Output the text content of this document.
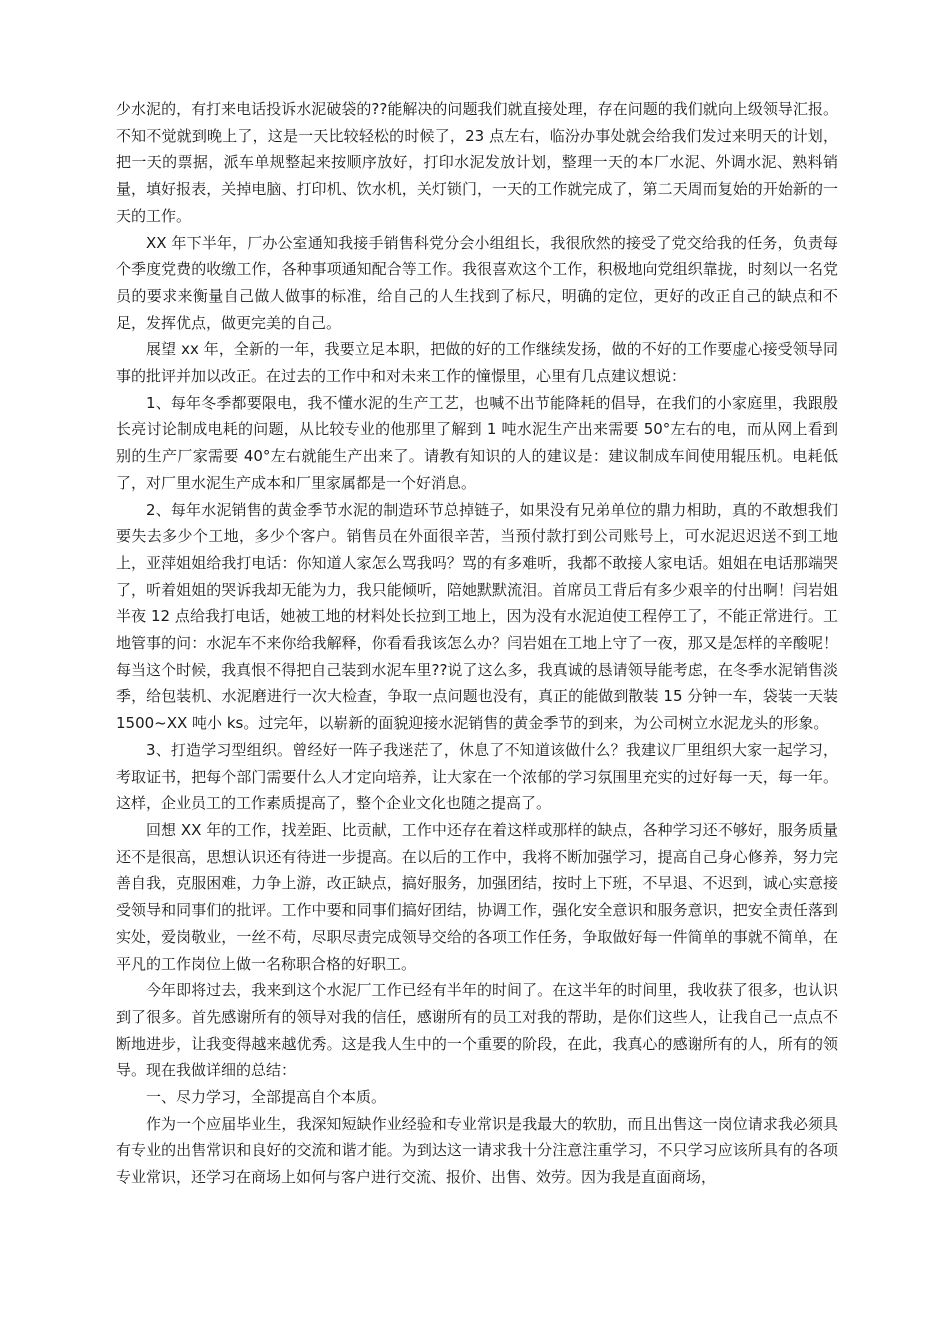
少水泥的，有打来电话投诉水泥破袋的??能解决的问题我们就直接处理，存在问题的我们就向上级领导汇报。不知不觉就到晚上了，这是一天比较轻松的时候了，23 点左右，临汾办事处就会给我们发过来明天的计划，把一天的票据，派车单规整起来按顺序放好，打印水泥发放计划，整理一天的本厂水泥、外调水泥、熟料销量，填好报表，关掉电脑、打印机、饮水机，关灯锁门，一天的工作就完成了，第二天周而复始的开始新的一天的工作。

XX 年下半年，厂办公室通知我接手销售科党分会小组组长，我很欣然的接受了党交给我的任务，负责每个季度党费的收缴工作，各种事项通知配合等工作。我很喜欢这个工作，积极地向党组织靠拢，时刻以一名党员的要求来衡量自己做人做事的标准，给自己的人生找到了标尺，明确的定位，更好的改正自己的缺点和不足，发挥优点，做更完美的自己。

展望 xx 年，全新的一年，我要立足本职，把做的好的工作继续发扬，做的不好的工作要虚心接受领导同事的批评并加以改正。在过去的工作中和对未来工作的憧憬里，心里有几点建议想说：

1、每年冬季都要限电，我不懂水泥的生产工艺，也喊不出节能降耗的倡导，在我们的小家庭里，我跟殷长亮讨论制成电耗的问题，从比较专业的他那里了解到 1 吨水泥生产出来需要 50°左右的电，而从网上看到别的生产厂家需要 40°左右就能生产出来了。请教有知识的人的建议是：建议制成车间使用辊压机。电耗低了，对厂里水泥生产成本和厂里家属都是一个好消息。

2、每年水泥销售的黄金季节水泥的制造环节总掉链子，如果没有兄弟单位的鼎力相助，真的不敢想我们要失去多少个工地，多少个客户。销售员在外面很辛苦，当预付款打到公司账号上，可水泥迟迟送不到工地上，亚萍姐姐给我打电话：你知道人家怎么骂我吗？骂的有多难听，我都不敢接人家电话。姐姐在电话那端哭了，听着姐姐的哭诉我却无能为力，我只能倾听，陪她默默流泪。首席员工背后有多少艰辛的付出啊！闫岩姐半夜 12 点给我打电话，她被工地的材料处长拉到工地上，因为没有水泥迫使工程停工了，不能正常进行。工地管事的问：水泥车不来你给我解释，你看看我该怎么办？闫岩姐在工地上守了一夜，那又是怎样的辛酸呢！每当这个时候，我真恨不得把自己装到水泥车里??说了这么多，我真诚的恳请领导能考虑，在冬季水泥销售淡季，给包装机、水泥磨进行一次大检查，争取一点问题也没有，真正的能做到散装 15 分钟一车，袋装一天装 1500~XX 吨小 ks。过完年，以崭新的面貌迎接水泥销售的黄金季节的到来，为公司树立水泥龙头的形象。

3、打造学习型组织。曾经好一阵子我迷茫了，休息了不知道该做什么？我建议厂里组织大家一起学习，考取证书，把每个部门需要什么人才定向培养，让大家在一个浓郁的学习氛围里充实的过好每一天，每一年。这样，企业员工的工作素质提高了，整个企业文化也随之提高了。

回想 XX 年的工作，找差距、比贡献，工作中还存在着这样或那样的缺点，各种学习还不够好，服务质量还不是很高，思想认识还有待进一步提高。在以后的工作中，我将不断加强学习，提高自己身心修养，努力完善自我，克服困难，力争上游，改正缺点，搞好服务，加强团结，按时上下班，不早退、不迟到，诚心实意接受领导和同事们的批评。工作中要和同事们搞好团结，协调工作，强化安全意识和服务意识，把安全责任落到实处，爱岗敬业，一丝不苟，尽职尽责完成领导交给的各项工作任务，争取做好每一件简单的事就不简单，在平凡的工作岗位上做一名称职合格的好职工。

今年即将过去，我来到这个水泥厂工作已经有半年的时间了。在这半年的时间里，我收获了很多，也认识到了很多。首先感谢所有的领导对我的信任，感谢所有的员工对我的帮助，是你们这些人，让我自己一点点不断地进步，让我变得越来越优秀。这是我人生中的一个重要的阶段，在此，我真心的感谢所有的人，所有的领导。现在我做详细的总结：

一、尽力学习，全部提高自个本质。

作为一个应届毕业生，我深知短缺作业经验和专业常识是我最大的软肋，而且出售这一岗位请求我必须具有专业的出售常识和良好的交流和谐才能。为到达这一请求我十分注意注重学习，不只学习应该所具有的各项专业常识，还学习在商场上如何与客户进行交流、报价、出售、效劳。因为我是直面商场，
